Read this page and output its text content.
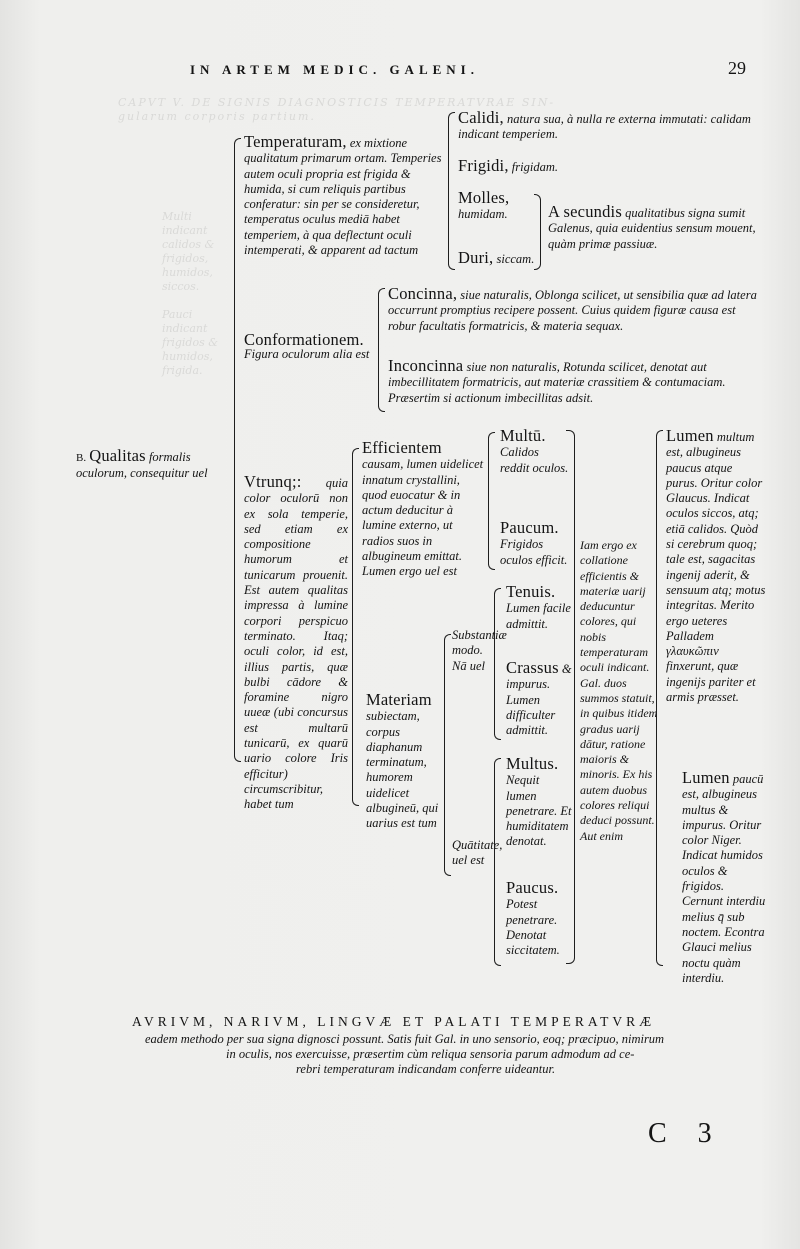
CAPVT V. DE SIGNIS DIAGNOSTICIS TEMPERATVRAE SIN-
gularum corporis partium.
Multi indicant
calidos & frigidos,
humidos,
siccos.

Pauci indicant
frigidos &
humidos,
frigida.
IN ARTEM MEDIC. GALENI.	29
B. Qualitas formalis oculorum, consequitur uel
Temperaturam, ex mixtione qualitatum primarum ortam. Temperies autem oculi propria est frigida & humida, si cum reliquis partibus conferatur: sin per se consideretur, temperatus oculus mediā habet temperiem, à qua deflectunt oculi intemperati, & apparent ad tactum
Calidi, natura sua, à nulla re externa immutati: calidam indicant temperiem.
Frigidi, frigidam.
Molles, humidam.
Duri, siccam.
A secundis qualitatibus signa sumit Galenus, quia euidentius sensum mouent, quàm primæ passiuæ.
Conformationem.
Figura oculorum alia est
Concinna, siue naturalis, Oblonga scilicet, ut sensibilia quæ ad latera occurrunt promptius recipere possent. Cuius quidem figuræ causa est robur facultatis formatricis, & materia sequax.
Inconcinna siue non naturalis, Rotunda scilicet, denotat aut imbecillitatem formatricis, aut materiæ crassitiem & contumaciam. Præsertim si actionum imbecillitas adsit.
Vtrunq;: quia color oculorū non ex sola temperie, sed etiam ex compositione humorum et tunicarum prouenit. Est autem qualitas impressa à lumine corpori perspicuo terminato. Itaq; oculi color, id est, illius partis, quæ bulbi cādore & foramine nigro uueæ (ubi concursus est multarū tunicarū, ex quarū uario colore Iris efficitur) circumscribitur, habet tum
Efficientem causam, lumen uidelicet innatum crystallini, quod euocatur & in actum deducitur à lumine externo, ut radios suos in albugineum emittat. Lumen ergo uel est
Multū. Calidos reddit oculos.
Paucum. Frigidos oculos efficit.
Materiam subiectam, corpus diaphanum terminatum, humorem uidelicet albugineū, qui uarius est tum
Substantiæ modo. Nā uel
Tenuis. Lumen facile admittit.
Crassus & impurus. Lumen difficulter admittit.
Quātitate, uel est
Multus. Nequit lumen penetrare. Et humiditatem denotat.
Paucus. Potest penetrare. Denotat siccitatem.
Iam ergo ex collatione efficientis & materiæ uarij deducuntur colores, qui nobis temperaturam oculi indicant. Gal. duos summos statuit, in quibus itidem gradus uarij dātur, ratione maioris & minoris. Ex his autem duobus colores reliqui deduci possunt. Aut enim
Lumen multum est, albugineus paucus atque purus. Oritur color Glaucus. Indicat oculos siccos, atq; etiā calidos. Quòd si cerebrum quoq; tale est, sagacitas ingenij aderit, & sensuum atq; motus integritas. Merito ergo ueteres Palladem γλαυκῶπιν finxerunt, quæ ingenijs pariter et armis præsset.
Lumen paucū est, albugineus multus & impurus. Oritur color Niger. Indicat humidos oculos & frigidos. Cernunt interdiu melius q̄ sub noctem. Econtra Glauci melius noctu quàm interdiu.
AVRIVM, NARIVM, LINGVÆ ET PALATI TEMPERATVRÆ
eadem methodo per sua signa dignosci possunt. Satis fuit Gal. in uno sensorio, eoq; præcipuo, nimirum
in oculis, nos exercuisse, præsertim cùm reliqua sensoria parum admodum ad ce-
rebri temperaturam indicandam conferre uideantur.
C 3
